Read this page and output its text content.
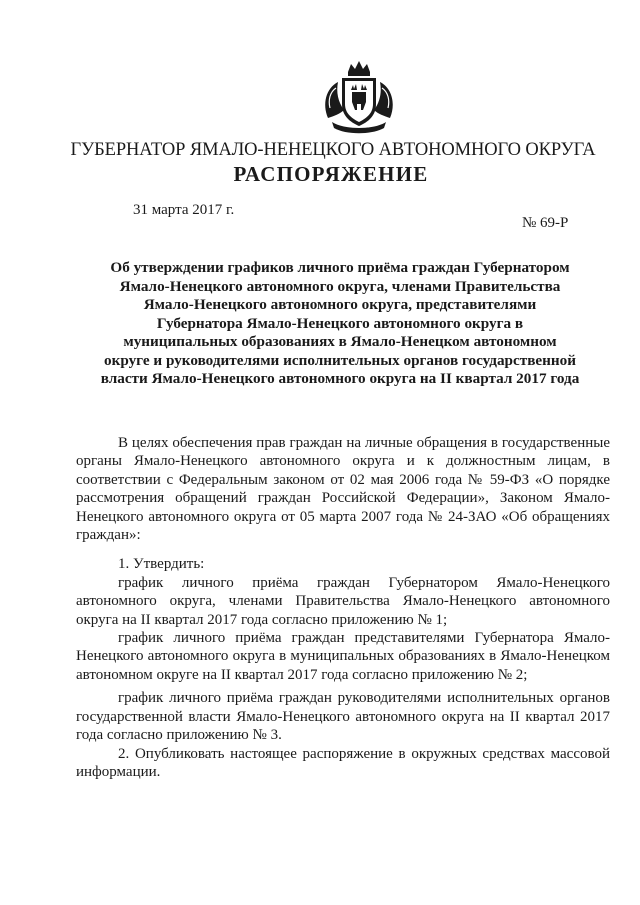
ГУБЕРНАТОР ЯМАЛО-НЕНЕЦКОГО АВТОНОМНОГО ОКРУГА
РАСПОРЯЖЕНИЕ
31 марта 2017 г.
№ 69-Р
Об утверждении графиков личного приёма граждан Губернатором Ямало-Ненецкого автономного округа, членами Правительства Ямало-Ненецкого автономного округа, представителями Губернатора Ямало-Ненецкого автономного округа в муниципальных образованиях в Ямало-Ненецком автономном округе и руководителями исполнительных органов государственной власти Ямало-Ненецкого автономного округа на II квартал 2017 года

В целях обеспечения прав граждан на личные обращения в государственные органы Ямало-Ненецкого автономного округа и к должностным лицам, в соответствии с Федеральным законом от 02 мая 2006 года № 59-ФЗ «О порядке рассмотрения обращений граждан Российской Федерации», Законом Ямало-Ненецкого автономного округа от 05 марта 2007 года № 24-ЗАО «Об обращениях граждан»:

1. Утвердить:

график личного приёма граждан Губернатором Ямало-Ненецкого автономного округа, членами Правительства Ямало-Ненецкого автономного округа на II квартал 2017 года согласно приложению № 1;

график личного приёма граждан представителями Губернатора Ямало-Ненецкого автономного округа в муниципальных образованиях в Ямало-Ненецком автономном округе на II квартал 2017 года согласно приложению № 2;

график личного приёма граждан руководителями исполнительных органов государственной власти Ямало-Ненецкого автономного округа на II квартал 2017 года согласно приложению № 3.

2. Опубликовать настоящее распоряжение в окружных средствах массовой информации.
